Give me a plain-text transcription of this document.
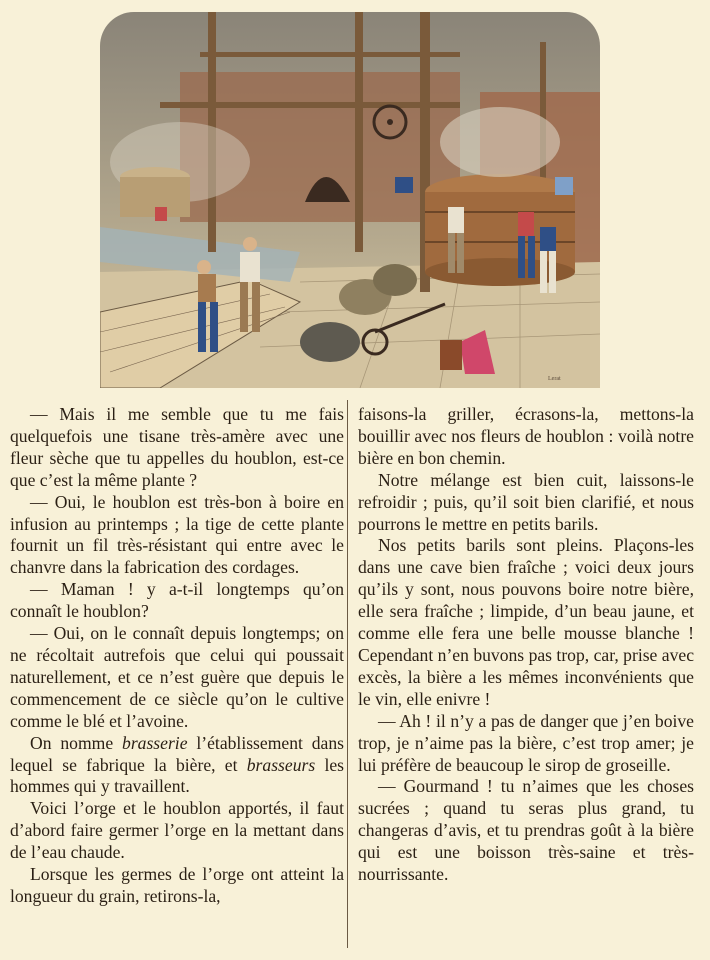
Lerat

— Mais il me semble que tu me fais quelquefois une tisane très-amère avec une fleur sèche que tu appelles du houblon, est-ce que c’est la même plante ?

— Oui, le houblon est très-bon à boire en infusion au printemps ; la tige de cette plante fournit un fil très-résistant qui entre avec le chanvre dans la fabrication des cordages.

— Maman ! y a-t-il longtemps qu’on connaît le houblon?

— Oui, on le connaît depuis longtemps; on ne récoltait autrefois que celui qui poussait naturellement, et ce n’est guère que depuis le commencement de ce siècle qu’on le cultive comme le blé et l’avoine.

On nomme brasserie l’établissement dans lequel se fabrique la bière, et brasseurs les hommes qui y travaillent.

Voici l’orge et le houblon apportés, il faut d’abord faire germer l’orge en la mettant dans de l’eau chaude.

Lorsque les germes de l’orge ont atteint la longueur du grain, retirons-la,

faisons-la griller, écrasons-la, mettons-la bouillir avec nos fleurs de houblon : voilà notre bière en bon chemin.

Notre mélange est bien cuit, laissons-le refroidir ; puis, qu’il soit bien clarifié, et nous pourrons le mettre en petits barils.

Nos petits barils sont pleins. Plaçons-les dans une cave bien fraîche ; voici deux jours qu’ils y sont, nous pouvons boire notre bière, elle sera fraîche ; limpide, d’un beau jaune, et comme elle fera une belle mousse blanche ! Cependant n’en buvons pas trop, car, prise avec excès, la bière a les mêmes inconvénients que le vin, elle enivre !

— Ah ! il n’y a pas de danger que j’en boive trop, je n’aime pas la bière, c’est trop amer; je lui préfère de beaucoup le sirop de groseille.

— Gourmand ! tu n’aimes que les choses sucrées ; quand tu seras plus grand, tu changeras d’avis, et tu prendras goût à la bière qui est une boisson très-saine et très-nourrissante.
